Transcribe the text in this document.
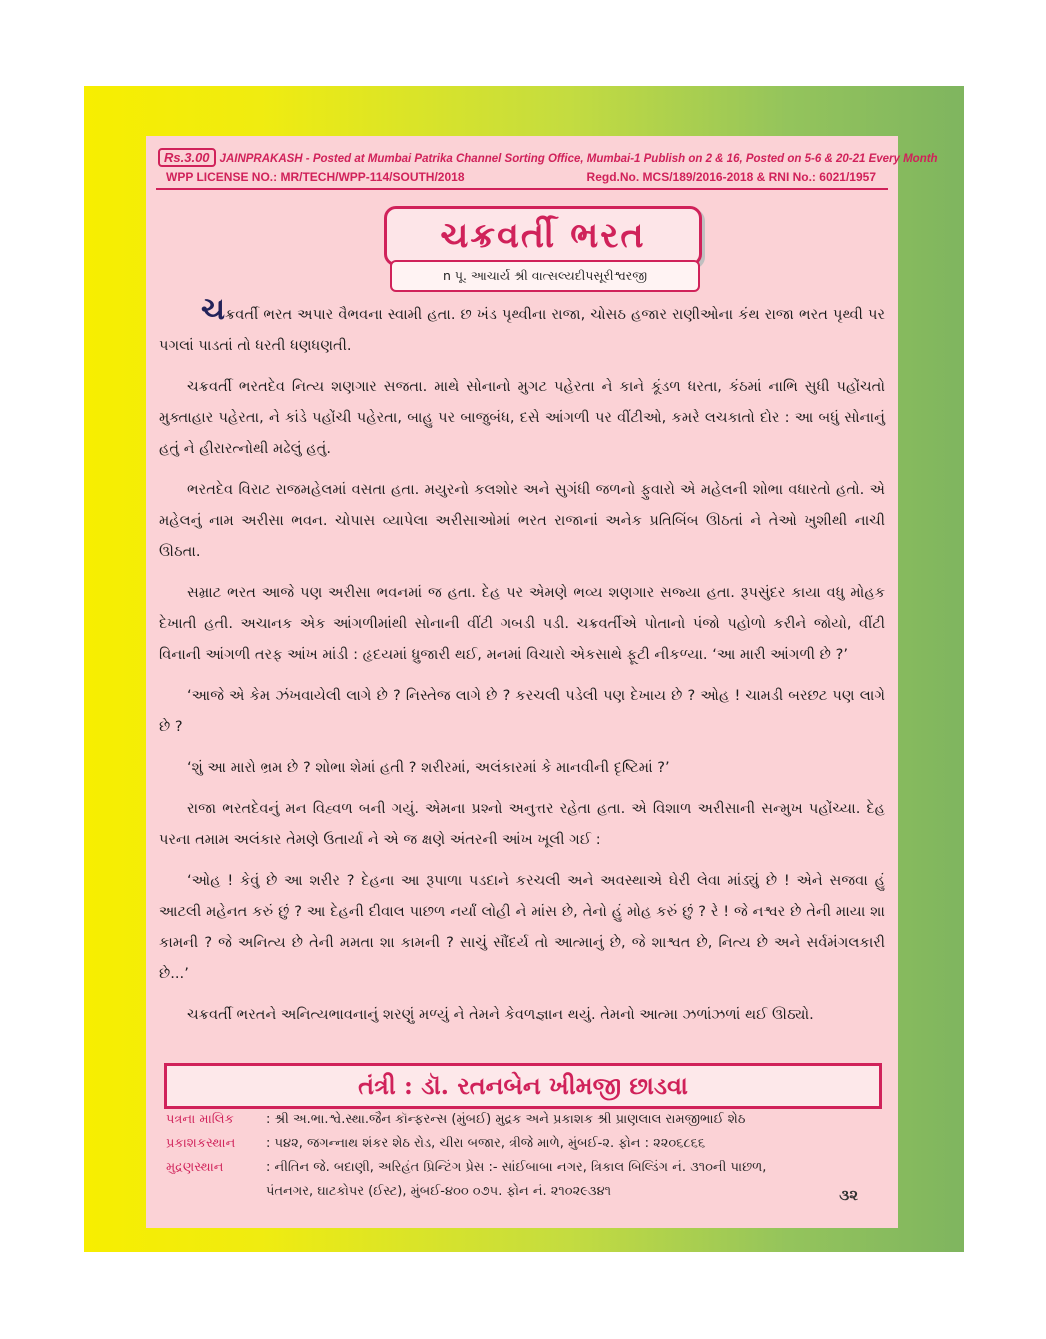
Rs.3.00 JAINPRAKASH - Posted at Mumbai Patrika Channel Sorting Office, Mumbai-1 Publish on 2 & 16, Posted on 5-6 & 20-21 Every Month
WPP LICENSE NO.: MR/TECH/WPP-114/SOUTH/2018	Regd.No. MCS/189/2016-2018 & RNI No.: 6021/1957
ચક્રવર્તી ભરત
n પૂ. આચાર્ય શ્રી વાત્સલ્યદીપસૂરીશ્વરજી

ચક્રવર્તી ભરત અપાર વૈભવના સ્વામી હતા. છ ખંડ પૃથ્વીના રાજા, ચોસઠ હજાર રાણીઓના કંથ રાજા ભરત પૃથ્વી પર પગલાં પાડતાં તો ધરતી ધણધણતી.

ચક્રવર્તી ભરતદેવ નિત્ય શણગાર સજતા. માથે સોનાનો મુગટ પહેરતા ને કાને કૂંડળ ધરતા, કંઠમાં નાભિ સુધી પહોંચતો મુક્તાહાર પહેરતા, ને કાંડે પહોંચી પહેરતા, બાહુ પર બાજુબંધ, દસે આંગળી પર વીંટીઓ, કમરે લચકાતો દોર : આ બધું સોનાનું હતું ને હીરારત્નોથી મઢેલું હતું.

ભરતદેવ વિરાટ રાજમહેલમાં વસતા હતા. મયુરનો કલશોર અને સુગંધી જળનો ફુવારો એ મહેલની શોભા વધારતો હતો. એ મહેલનું નામ અરીસા ભવન. ચોપાસ વ્યાપેલા અરીસાઓમાં ભરત રાજાનાં અનેક પ્રતિબિંબ ઊઠતાં ને તેઓ ખુશીથી નાચી ઊઠતા.

સમ્રાટ ભરત આજે પણ અરીસા ભવનમાં જ હતા. દેહ પર એમણે ભવ્ય શણગાર સજ્યા હતા. રૂપસુંદર કાયા વધુ મોહક દેખાતી હતી. અચાનક એક આંગળીમાંથી સોનાની વીંટી ગબડી પડી. ચક્રવર્તીએ પોતાનો પંજો પહોળો કરીને જોયો, વીંટી વિનાની આંગળી તરફ આંખ માંડી : હૃદયમાં ધ્રુજારી થઈ, મનમાં વિચારો એકસાથે ફૂટી નીકળ્યા. ‘આ મારી આંગળી છે ?’

‘આજે એ કેમ ઝંખવાયેલી લાગે છે ? નિસ્તેજ લાગે છે ? કરચલી પડેલી પણ દેખાય છે ? ઓહ ! ચામડી બરછટ પણ લાગે છે ?

‘શું આ મારો ભ્રમ છે ? શોભા શેમાં હતી ? શરીરમાં, અલંકારમાં કે માનવીની દૃષ્ટિમાં ?’

રાજા ભરતદેવનું મન વિહ્વળ બની ગયું. એમના પ્રશ્નો અનુત્તર રહેતા હતા. એ વિશાળ અરીસાની સન્મુખ પહોંચ્યા. દેહ પરના તમામ અલંકાર તેમણે ઉતાર્યા ને એ જ ક્ષણે અંતરની આંખ ખૂલી ગઈ :

‘ઓહ ! કેવું છે આ શરીર ? દેહના આ રૂપાળા પડદાને કરચલી અને અવસ્થાએ ઘેરી લેવા માંડ્યું છે ! એને સજવા હું આટલી મહેનત કરું છું ? આ દેહની દીવાલ પાછળ નર્યાં લોહી ને માંસ છે, તેનો હું મોહ કરું છું ? રે ! જે નશ્વર છે તેની માયા શા કામની ? જે અનિત્ય છે તેની મમતા શા કામની ? સાચું સૌંદર્ય તો આત્માનું છે, જે શાશ્વત છે, નિત્ય છે અને સર્વમંગલકારી છે...’

ચક્રવર્તી ભરતને અનિત્યભાવનાનું શરણું મળ્યું ને તેમને કેવળજ્ઞાન થયું. તેમનો આત્મા ઝળાંઝળાં થઈ ઊઠ્યો.

તંત્રી : ડૉ. રતનબેન ખીમજી છાડવા
પત્રના માલિક : શ્રી અ.ભા.શ્વે.સ્થા.જૈન કૉન્ફરન્સ (મુંબઈ) મુદ્રક અને પ્રકાશક શ્રી પ્રાણલાલ રામજીભાઈ શેઠ
પ્રકાશકસ્થાન : ૫૪૨, જગન્નાથ શંકર શેઠ રોડ, ચીરા બજાર, ત્રીજે માળે, મુંબઈ-૨. ફોન : ૨૨૦૬૮૬૬
મુદ્રણસ્થાન	: નીતિન જે. બદાણી, અરિહંત પ્રિન્ટિંગ પ્રેસ :- સાંઈબાબા નગર, ત્રિકાલ બિલ્ડિંગ નં. ૩૧૦ની પાછળ,
પંતનગર, ઘાટકોપર (ઈસ્ટ), મુંબઈ-૪૦૦ ૦૭૫. ફોન નં. ૨૧૦૨૯૩૪૧	૩૨
